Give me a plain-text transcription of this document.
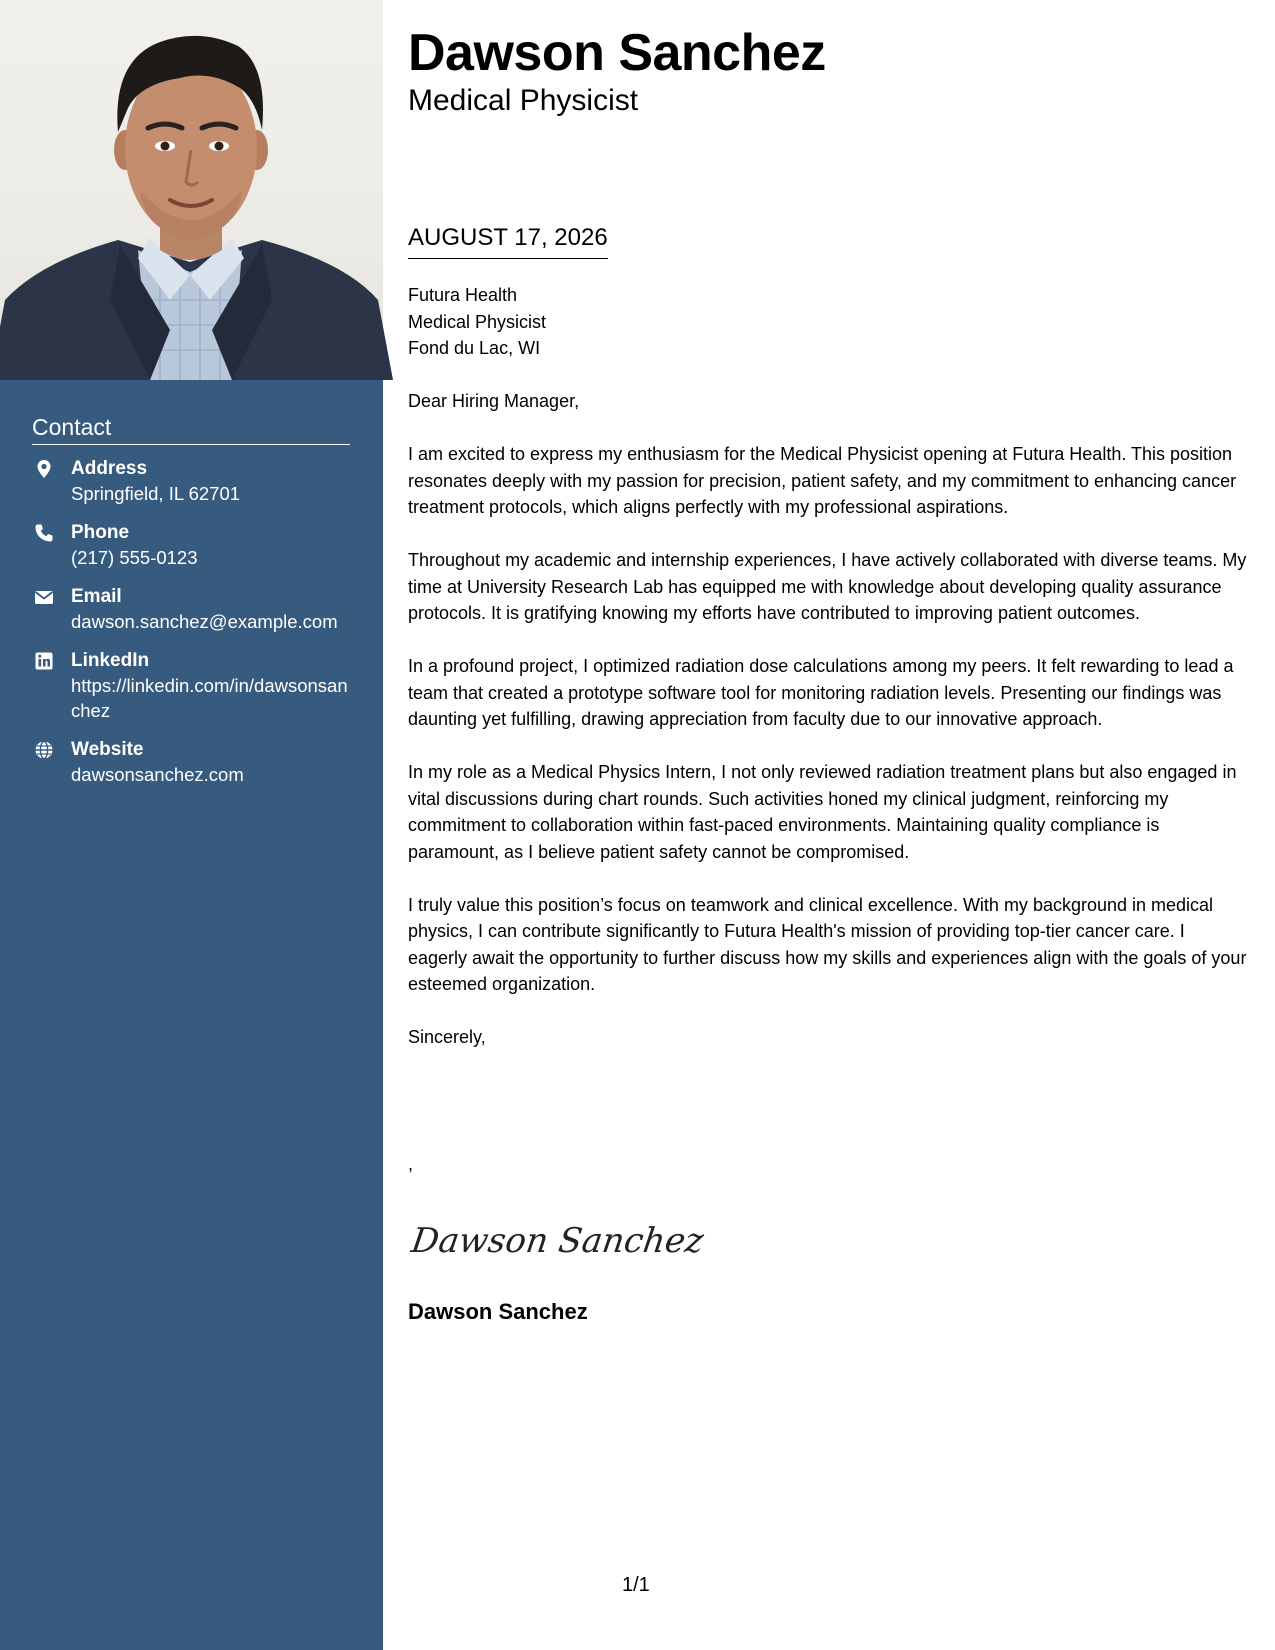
Contact
Address
Springfield, IL 62701
Phone
(217) 555-0123
Email
dawson.sanchez@example.com
LinkedIn
https://linkedin.com/in/dawsonsanchez
Website
dawsonsanchez.com
Dawson Sanchez
Medical Physicist
AUGUST 17, 2026
Futura Health
Medical Physicist
Fond du Lac, WI

Dear Hiring Manager,

I am excited to express my enthusiasm for the Medical Physicist opening at Futura Health. This position resonates deeply with my passion for precision, patient safety, and my commitment to enhancing cancer treatment protocols, which aligns perfectly with my professional aspirations.

Throughout my academic and internship experiences, I have actively collaborated with diverse teams. My time at University Research Lab has equipped me with knowledge about developing quality assurance protocols. It is gratifying knowing my efforts have contributed to improving patient outcomes.

In a profound project, I optimized radiation dose calculations among my peers. It felt rewarding to lead a team that created a prototype software tool for monitoring radiation levels. Presenting our findings was daunting yet fulfilling, drawing appreciation from faculty due to our innovative approach.

In my role as a Medical Physics Intern, I not only reviewed radiation treatment plans but also engaged in vital discussions during chart rounds. Such activities honed my clinical judgment, reinforcing my commitment to collaboration within fast-paced environments. Maintaining quality compliance is paramount, as I believe patient safety cannot be compromised.

I truly value this position’s focus on teamwork and clinical excellence. With my background in medical physics, I can contribute significantly to Futura Health's mission of providing top-tier cancer care. I eagerly await the opportunity to further discuss how my skills and experiences align with the goals of your esteemed organization.

Sincerely,

,
Dawson Sanchez
Dawson Sanchez
1/1
